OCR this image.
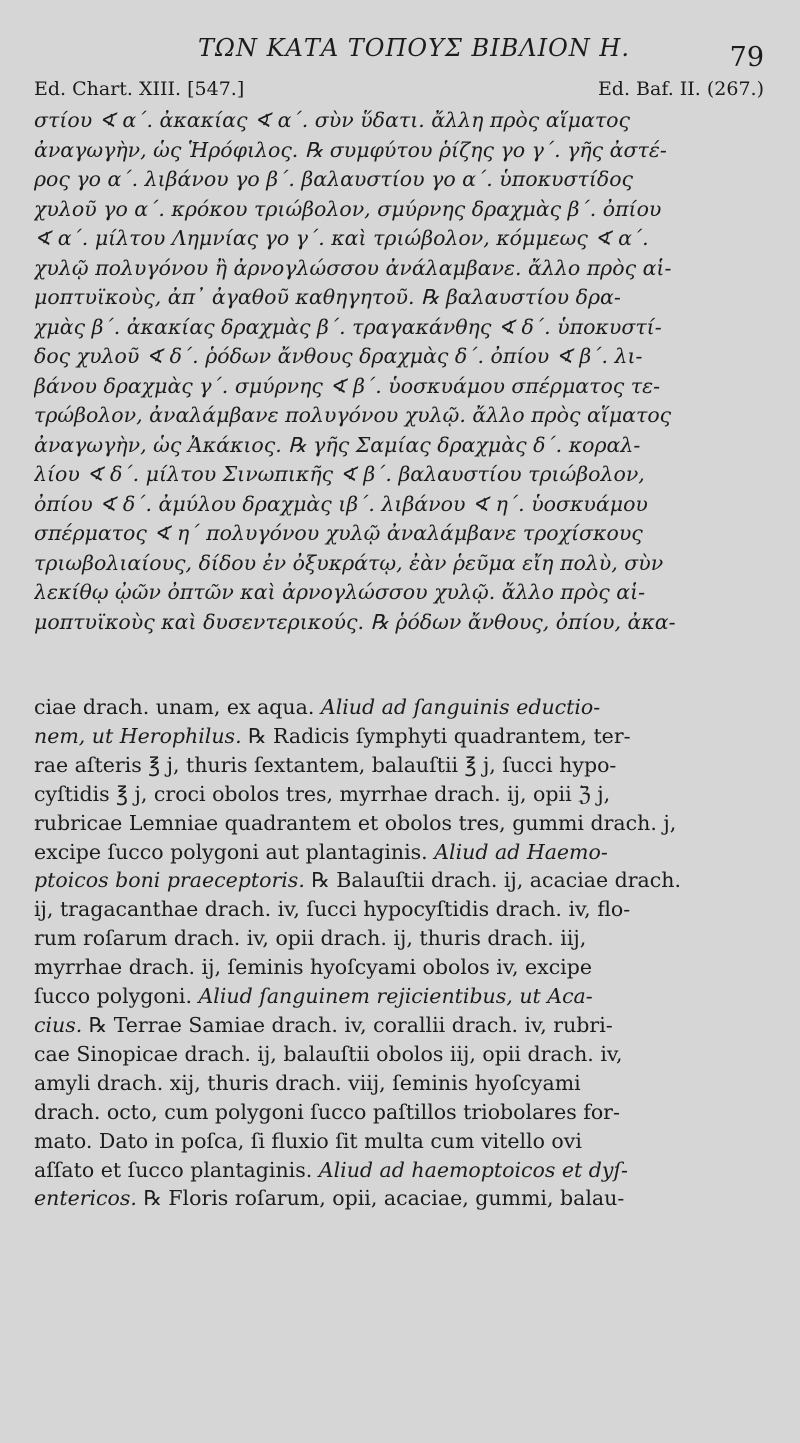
ΤΩΝ ΚΑΤΑ ΤΟΠΟΥΣ ΒΙΒΛΙΟΝ Η.	79
Ed. Chart. XIII. [547.]	Ed. Baf. II. (267.)
στίου ∢ α΄. ἀκακίας ∢ α΄. σὺν ὕδατι. ἄλλη πρὸς αἵματος
ἀναγωγὴν, ὡς Ἡρόφιλος. ℞ συμφύτου ῥίζης γο γ΄. γῆς ἀστέ-
ρος γο α΄. λιβάνου γο β΄. βαλαυστίου γο α΄. ὑποκυστίδος
χυλοῦ γο α΄. κρόκου τριώβολον, σμύρνης δραχμὰς β΄. ὀπίου
∢ α΄. μίλτου Λημνίας γο γ΄. καὶ τριώβολον, κόμμεως ∢ α΄.
χυλῷ πολυγόνου ἢ ἀρνογλώσσου ἀνάλαμβανε. ἄλλο πρὸς αἱ-
μοπτυϊκοὺς, ἀπ᾽ ἀγαθοῦ καθηγητοῦ. ℞ βαλαυστίου δρα-
χμὰς β΄. ἀκακίας δραχμὰς β΄. τραγακάνθης ∢ δ΄. ὑποκυστί-
δος χυλοῦ ∢ δ΄. ῥόδων ἄνθους δραχμὰς δ΄. ὀπίου ∢ β΄. λι-
βάνου δραχμὰς γ΄. σμύρνης ∢ β΄. ὑοσκυάμου σπέρματος τε-
τρώβολον, ἀναλάμβανε πολυγόνου χυλῷ. ἄλλο πρὸς αἵματος
ἀναγωγὴν, ὡς Ἀκάκιος. ℞ γῆς Σαμίας δραχμὰς δ΄. κοραλ-
λίου ∢ δ΄. μίλτου Σινωπικῆς ∢ β΄. βαλαυστίου τριώβολον,
ὀπίου ∢ δ΄. ἀμύλου δραχμὰς ιβ΄. λιβάνου ∢ η΄. ὑοσκυάμου
σπέρματος ∢ η΄ πολυγόνου χυλῷ ἀναλάμβανε τροχίσκους
τριωβολιαίους, δίδου ἐν ὀξυκράτῳ, ἐὰν ῥεῦμα εἴη πολὺ, σὺν
λεκίθῳ ᾠῶν ὀπτῶν καὶ ἀρνογλώσσου χυλῷ. ἄλλο πρὸς αἱ-
μοπτυϊκοὺς καὶ δυσεντερικούς. ℞ ῥόδων ἄνθους, ὀπίου, ἀκα-
ciae drach. unam, ex aqua. Aliud ad ſanguinis eductio-
nem, ut Herophilus. ℞ Radicis ſymphyti quadrantem, ter-
rae aſteris ℥ j, thuris ſextantem, balauſtii ℥ j, ſucci hypo-
cyſtidis ℥ j, croci obolos tres, myrrhae drach. ij, opii ℨ j,
rubricae Lemniae quadrantem et obolos tres, gummi drach. j,
excipe ſucco polygoni aut plantaginis. Aliud ad Haemo-
ptoicos boni praeceptoris. ℞ Balauſtii drach. ij, acaciae drach.
ij, tragacanthae drach. iv, ſucci hypocyſtidis drach. iv, flo-
rum roſarum drach. iv, opii drach. ij, thuris drach. iij,
myrrhae drach. ij, ſeminis hyoſcyami obolos iv, excipe
ſucco polygoni. Aliud ſanguinem rejicientibus, ut Aca-
cius. ℞ Terrae Samiae drach. iv, corallii drach. iv, rubri-
cae Sinopicae drach. ij, balauſtii obolos iij, opii drach. iv,
amyli drach. xij, thuris drach. viij, ſeminis hyoſcyami
drach. octo, cum polygoni ſucco paſtillos triobolares for-
mato. Dato in poſca, ſi fluxio ſit multa cum vitello ovi
aſſato et ſucco plantaginis. Aliud ad haemoptoicos et dyſ-
entericos. ℞ Floris roſarum, opii, acaciae, gummi, balau-
